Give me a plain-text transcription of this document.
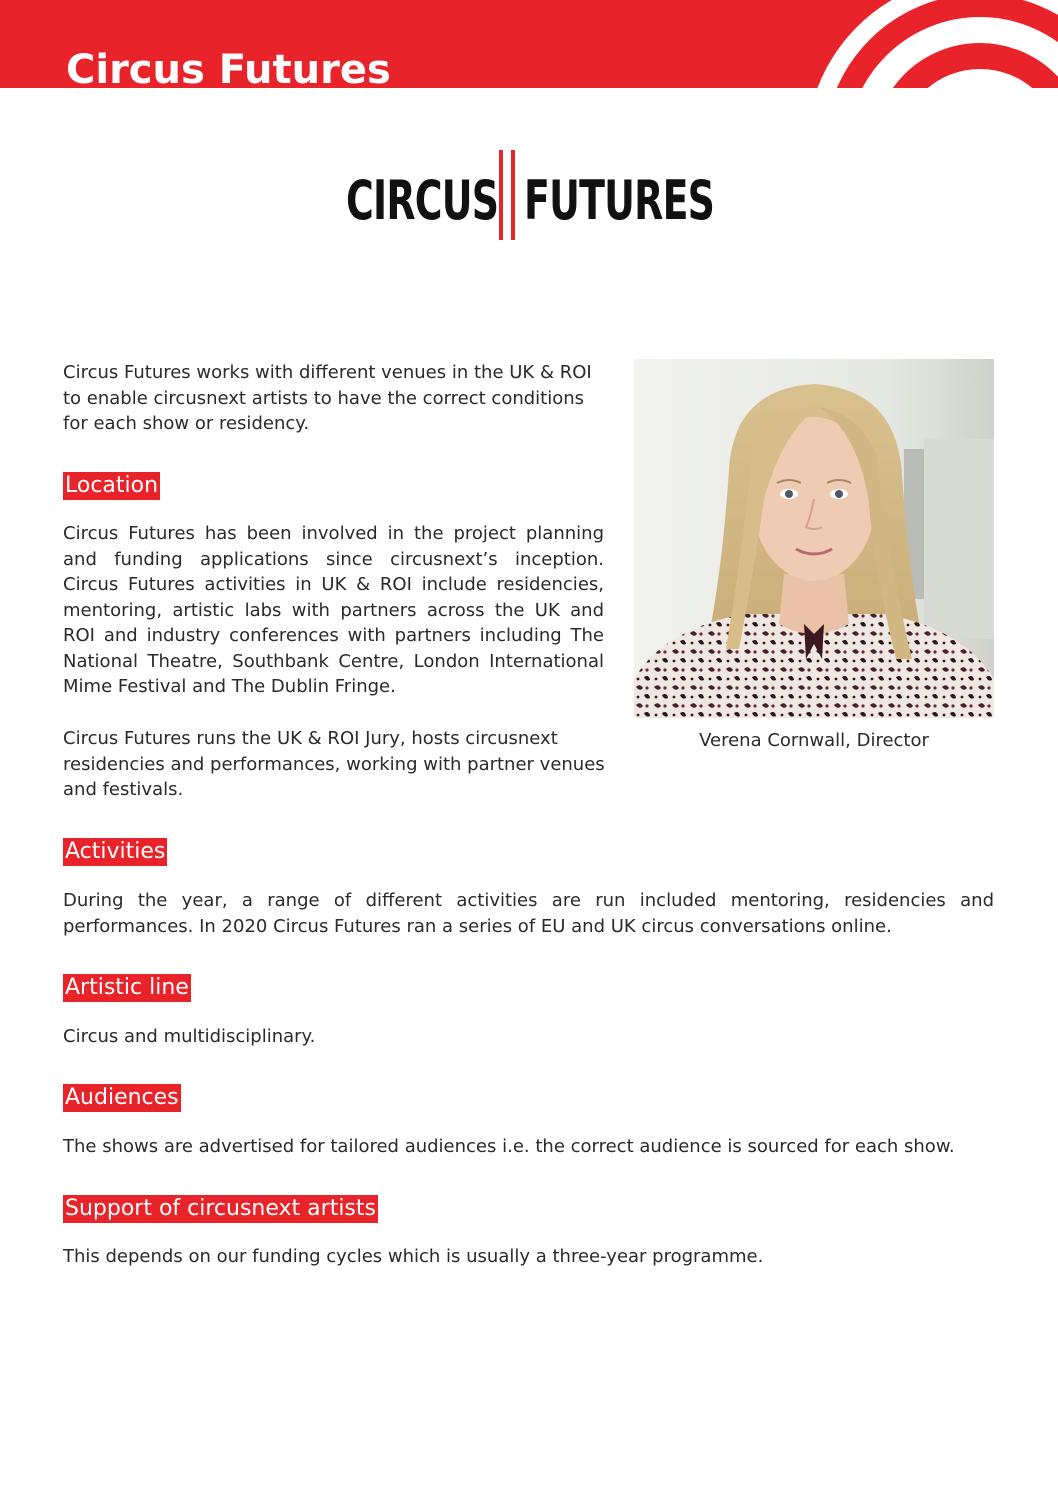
Circus Futures
CIRCUS FUTURES

Circus Futures works with different venues in the UK & ROI to enable circusnext artists to have the correct conditions for each show or residency.

Location

Circus Futures has been involved in the project planning and funding applications since circusnext’s inception. Circus Futures activities in UK & ROI include residencies, mentoring, artistic labs with partners across the UK and ROI and industry conferences with partners including The National Theatre, Southbank Centre, London International Mime Festival and The Dublin Fringe.

Circus Futures runs the UK & ROI Jury, hosts circusnext residencies and performances, working with partner venues and festivals.

Verena Cornwall, Director
Activities

During the year, a range of different activities are run included mentoring, residencies and performances. In 2020 Circus Futures ran a series of EU and UK circus conversations online.

Artistic line

Circus and multidisciplinary.

Audiences

The shows are advertised for tailored audiences i.e. the correct audience is sourced for each show.

Support of circusnext artists

This depends on our funding cycles which is usually a three-year programme.
